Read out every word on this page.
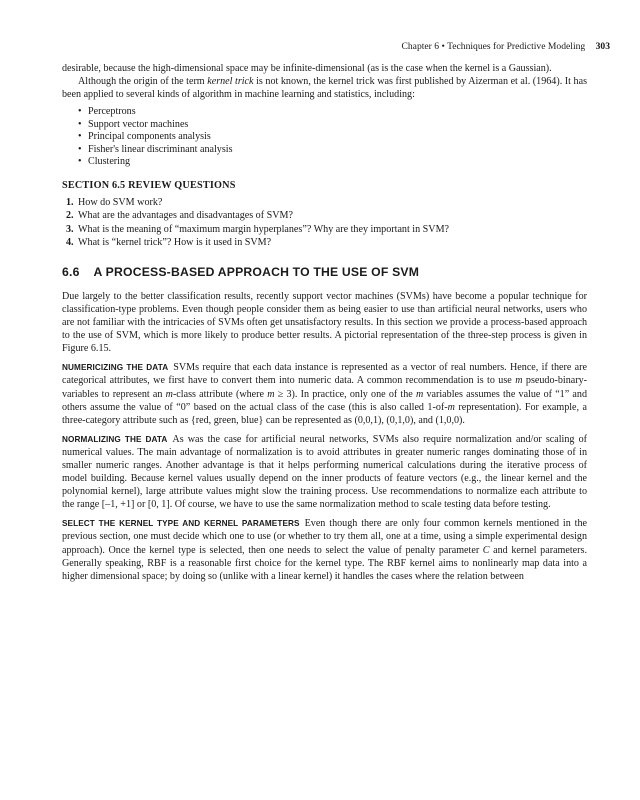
Chapter 6 • Techniques for Predictive Modeling 303

desirable, because the high-dimensional space may be infinite-dimensional (as is the case when the kernel is a Gaussian).

Although the origin of the term kernel trick is not known, the kernel trick was first published by Aizerman et al. (1964). It has been applied to several kinds of algorithm in machine learning and statistics, including:

• Perceptrons
• Support vector machines
• Principal components analysis
• Fisher's linear discriminant analysis
• Clustering
SECTION 6.5 REVIEW QUESTIONS
1. How do SVM work?
2. What are the advantages and disadvantages of SVM?
3. What is the meaning of “maximum margin hyperplanes”? Why are they important in SVM?
4. What is “kernel trick”? How is it used in SVM?
6.6 A PROCESS-BASED APPROACH TO THE USE OF SVM

Due largely to the better classification results, recently support vector machines (SVMs) have become a popular technique for classification-type problems. Even though people consider them as being easier to use than artificial neural networks, users who are not familiar with the intricacies of SVMs often get unsatisfactory results. In this section we provide a process-based approach to the use of SVM, which is more likely to produce better results. A pictorial representation of the three-step process is given in Figure 6.15.

NUMERICIZING THE DATA SVMs require that each data instance is represented as a vector of real numbers. Hence, if there are categorical attributes, we first have to convert them into numeric data. A common recommendation is to use m pseudo-binary-variables to represent an m-class attribute (where m ≥ 3). In practice, only one of the m variables assumes the value of “1” and others assume the value of “0” based on the actual class of the case (this is also called 1-of-m representation). For example, a three-category attribute such as {red, green, blue} can be represented as (0,0,1), (0,1,0), and (1,0,0).

NORMALIZING THE DATA As was the case for artificial neural networks, SVMs also require normalization and/or scaling of numerical values. The main advantage of normalization is to avoid attributes in greater numeric ranges dominating those of in smaller numeric ranges. Another advantage is that it helps performing numerical calculations during the iterative process of model building. Because kernel values usually depend on the inner products of feature vectors (e.g., the linear kernel and the polynomial kernel), large attribute values might slow the training process. Use recommendations to normalize each attribute to the range [–1, +1] or [0, 1]. Of course, we have to use the same normalization method to scale testing data before testing.

SELECT THE KERNEL TYPE AND KERNEL PARAMETERS Even though there are only four common kernels mentioned in the previous section, one must decide which one to use (or whether to try them all, one at a time, using a simple experimental design approach). Once the kernel type is selected, then one needs to select the value of penalty parameter C and kernel parameters. Generally speaking, RBF is a reasonable first choice for the kernel type. The RBF kernel aims to nonlinearly map data into a higher dimensional space; by doing so (unlike with a linear kernel) it handles the cases where the relation between
